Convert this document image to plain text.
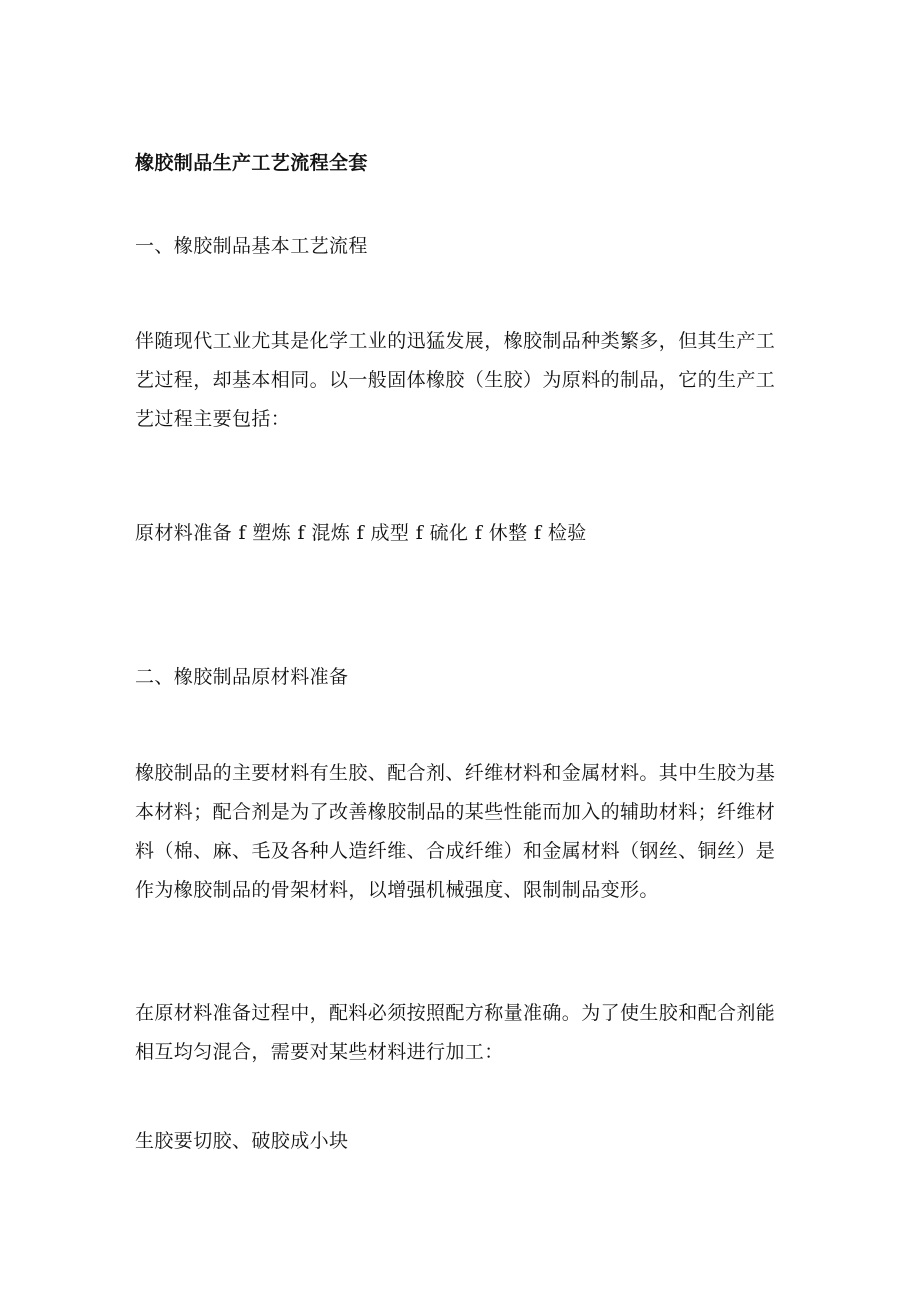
橡胶制品生产工艺流程全套

一、橡胶制品基本工艺流程

伴随现代工业尤其是化学工业的迅猛发展，橡胶制品种类繁多，但其生产工艺过程，却基本相同。以一般固体橡胶（生胶）为原料的制品，它的生产工艺过程主要包括：

原材料准备 f 塑炼 f 混炼 f 成型 f 硫化 f 休整 f 检验

二、橡胶制品原材料准备

橡胶制品的主要材料有生胶、配合剂、纤维材料和金属材料。其中生胶为基本材料；配合剂是为了改善橡胶制品的某些性能而加入的辅助材料；纤维材料（棉、麻、毛及各种人造纤维、合成纤维）和金属材料（钢丝、铜丝）是作为橡胶制品的骨架材料，以增强机械强度、限制制品变形。

在原材料准备过程中，配料必须按照配方称量准确。为了使生胶和配合剂能相互均匀混合，需要对某些材料进行加工：

生胶要切胶、破胶成小块
